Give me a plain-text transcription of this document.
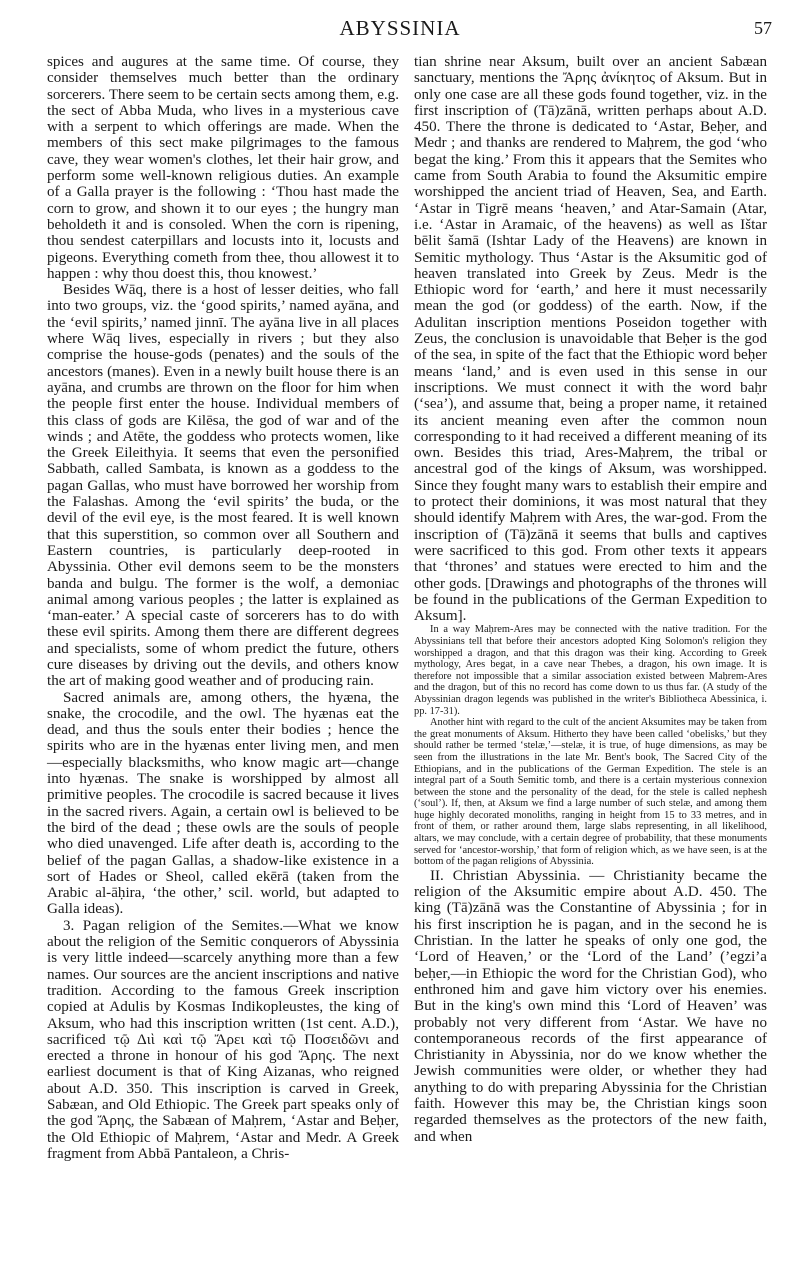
ABYSSINIA	57

spices and augures at the same time. Of course, they consider themselves much better than the ordinary sorcerers. There seem to be certain sects among them, e.g. the sect of Abba Muda, who lives in a mysterious cave with a serpent to which offerings are made. When the members of this sect make pilgrimages to the famous cave, they wear women's clothes, let their hair grow, and perform some well-known religious duties. An example of a Galla prayer is the following : ‘Thou hast made the corn to grow, and shown it to our eyes ; the hungry man beholdeth it and is consoled. When the corn is ripening, thou sendest caterpillars and locusts into it, locusts and pigeons. Everything cometh from thee, thou allowest it to happen : why thou doest this, thou knowest.’

Besides Wāq, there is a host of lesser deities, who fall into two groups, viz. the ‘good spirits,’ named ayāna, and the ‘evil spirits,’ named jinnī. The ayāna live in all places where Wāq lives, especially in rivers ; but they also comprise the house-gods (penates) and the souls of the ancestors (manes). Even in a newly built house there is an ayāna, and crumbs are thrown on the floor for him when the people first enter the house. Individual members of this class of gods are Kilēsa, the god of war and of the winds ; and Atēte, the goddess who protects women, like the Greek Eileithyia. It seems that even the personified Sabbath, called Sambata, is known as a goddess to the pagan Gallas, who must have borrowed her worship from the Falashas. Among the ‘evil spirits’ the buda, or the devil of the evil eye, is the most feared. It is well known that this superstition, so common over all Southern and Eastern countries, is particularly deep-rooted in Abyssinia. Other evil demons seem to be the monsters banda and bulgu. The former is the wolf, a demoniac animal among various peoples ; the latter is explained as ‘man-eater.’ A special caste of sorcerers has to do with these evil spirits. Among them there are different degrees and specialists, some of whom predict the future, others cure diseases by driving out the devils, and others know the art of making good weather and of producing rain.

Sacred animals are, among others, the hyæna, the snake, the crocodile, and the owl. The hyænas eat the dead, and thus the souls enter their bodies ; hence the spirits who are in the hyænas enter living men, and men—especially blacksmiths, who know magic art—change into hyænas. The snake is worshipped by almost all primitive peoples. The crocodile is sacred because it lives in the sacred rivers. Again, a certain owl is believed to be the bird of the dead ; these owls are the souls of people who died unavenged. Life after death is, according to the belief of the pagan Gallas, a shadow-like existence in a sort of Hades or Sheol, called ekērā (taken from the Arabic al-āḥira, ‘the other,’ scil. world, but adapted to Galla ideas).

3. Pagan religion of the Semites.—What we know about the religion of the Semitic conquerors of Abyssinia is very little indeed—scarcely anything more than a few names. Our sources are the ancient inscriptions and native tradition. According to the famous Greek inscription copied at Adulis by Kosmas Indikopleustes, the king of Aksum, who had this inscription written (1st cent. A.D.), sacrificed τῷ Διὶ καὶ τῷ Ἄρει καὶ τῷ Ποσειδῶνι and erected a throne in honour of his god Ἄρης. The next earliest document is that of King Aizanas, who reigned about A.D. 350. This inscription is carved in Greek, Sabæan, and Old Ethiopic. The Greek part speaks only of the god Ἄρης, the Sabæan of Maḥrem, ‘Astar and Beḥer, the Old Ethiopic of Maḥrem, ‘Astar and Medr. A Greek fragment from Abbā Pantaleon, a Chris-

tian shrine near Aksum, built over an ancient Sabæan sanctuary, mentions the Ἄρης ἀνίκητος of Aksum. But in only one case are all these gods found together, viz. in the first inscription of (Tā)zānā, written perhaps about A.D. 450. There the throne is dedicated to ‘Astar, Beḥer, and Medr ; and thanks are rendered to Maḥrem, the god ‘who begat the king.’ From this it appears that the Semites who came from South Arabia to found the Aksumitic empire worshipped the ancient triad of Heaven, Sea, and Earth. ‘Astar in Tigrē means ‘heaven,’ and Atar-Samain (Atar, i.e. ‘Astar in Aramaic, of the heavens) as well as Ištar bēlit šamā (Ishtar Lady of the Heavens) are known in Semitic mythology. Thus ‘Astar is the Aksumitic god of heaven translated into Greek by Zeus. Medr is the Ethiopic word for ‘earth,’ and here it must necessarily mean the god (or goddess) of the earth. Now, if the Adulitan inscription mentions Poseidon together with Zeus, the conclusion is unavoidable that Beḥer is the god of the sea, in spite of the fact that the Ethiopic word beḥer means ‘land,’ and is even used in this sense in our inscriptions. We must connect it with the word baḥr (‘sea’), and assume that, being a proper name, it retained its ancient meaning even after the common noun corresponding to it had received a different meaning of its own. Besides this triad, Ares-Maḥrem, the tribal or ancestral god of the kings of Aksum, was worshipped. Since they fought many wars to establish their empire and to protect their dominions, it was most natural that they should identify Maḥrem with Ares, the war-god. From the inscription of (Tā)zānā it seems that bulls and captives were sacrificed to this god. From other texts it appears that ‘thrones’ and statues were erected to him and the other gods. [Drawings and photographs of the thrones will be found in the publications of the German Expedition to Aksum].

In a way Maḥrem-Ares may be connected with the native tradition. For the Abyssinians tell that before their ancestors adopted King Solomon's religion they worshipped a dragon, and that this dragon was their king. According to Greek mythology, Ares begat, in a cave near Thebes, a dragon, his own image. It is therefore not impossible that a similar association existed between Maḥrem-Ares and the dragon, but of this no record has come down to us thus far. (A study of the Abyssinian dragon legends was published in the writer's Bibliotheca Abessinica, i. pp. 17-31).

Another hint with regard to the cult of the ancient Aksumites may be taken from the great monuments of Aksum. Hitherto they have been called ‘obelisks,’ but they should rather be termed ‘stelæ,’—stelæ, it is true, of huge dimensions, as may be seen from the illustrations in the late Mr. Bent's book, The Sacred City of the Ethiopians, and in the publications of the German Expedition. The stele is an integral part of a South Semitic tomb, and there is a certain mysterious connexion between the stone and the personality of the dead, for the stele is called nephesh (‘soul’). If, then, at Aksum we find a large number of such stelæ, and among them huge highly decorated monoliths, ranging in height from 15 to 33 metres, and in front of them, or rather around them, large slabs representing, in all likelihood, altars, we may conclude, with a certain degree of probability, that these monuments served for ‘ancestor-worship,’ that form of religion which, as we have seen, is at the bottom of the pagan religions of Abyssinia.

II. Christian Abyssinia. — Christianity became the religion of the Aksumitic empire about A.D. 450. The king (Tā)zānā was the Constantine of Abyssinia ; for in his first inscription he is pagan, and in the second he is Christian. In the latter he speaks of only one god, the ‘Lord of Heaven,’ or the ‘Lord of the Land’ (’egzi’a beḥer,—in Ethiopic the word for the Christian God), who enthroned him and gave him victory over his enemies. But in the king's own mind this ‘Lord of Heaven’ was probably not very different from ‘Astar. We have no contemporaneous records of the first appearance of Christianity in Abyssinia, nor do we know whether the Jewish communities were older, or whether they had anything to do with preparing Abyssinia for the Christian faith. However this may be, the Christian kings soon regarded themselves as the protectors of the new faith, and when
